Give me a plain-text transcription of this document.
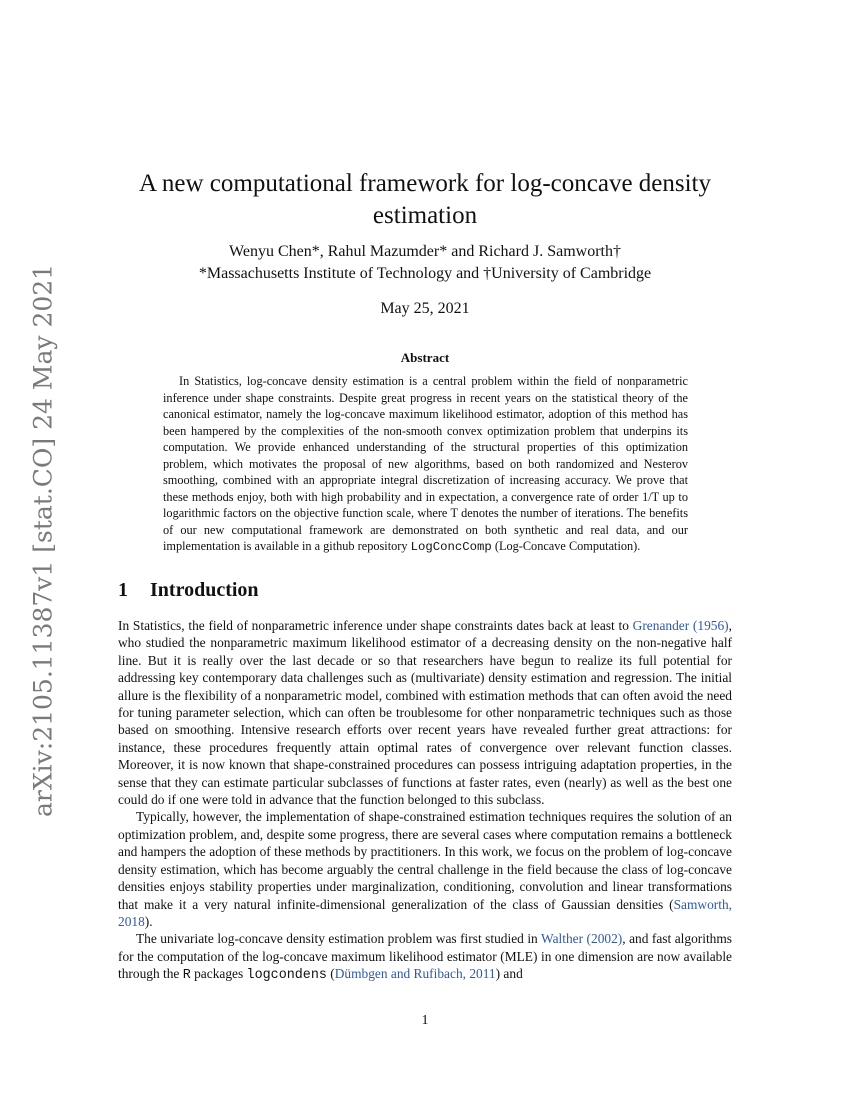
arXiv:2105.11387v1 [stat.CO] 24 May 2021
A new computational framework for log-concave density estimation
Wenyu Chen*, Rahul Mazumder* and Richard J. Samworth†
*Massachusetts Institute of Technology and †University of Cambridge
May 25, 2021
Abstract

In Statistics, log-concave density estimation is a central problem within the field of nonparametric inference under shape constraints. Despite great progress in recent years on the statistical theory of the canonical estimator, namely the log-concave maximum likelihood estimator, adoption of this method has been hampered by the complexities of the non-smooth convex optimization problem that underpins its computation. We provide enhanced understanding of the structural properties of this optimization problem, which motivates the proposal of new algorithms, based on both randomized and Nesterov smoothing, combined with an appropriate integral discretization of increasing accuracy. We prove that these methods enjoy, both with high probability and in expectation, a convergence rate of order 1/T up to logarithmic factors on the objective function scale, where T denotes the number of iterations. The benefits of our new computational framework are demonstrated on both synthetic and real data, and our implementation is available in a github repository LogConcComp (Log-Concave Computation).

1 Introduction

In Statistics, the field of nonparametric inference under shape constraints dates back at least to Grenander (1956), who studied the nonparametric maximum likelihood estimator of a decreasing density on the non-negative half line. But it is really over the last decade or so that researchers have begun to realize its full potential for addressing key contemporary data challenges such as (multivariate) density estimation and regression. The initial allure is the flexibility of a nonparametric model, combined with estimation methods that can often avoid the need for tuning parameter selection, which can often be troublesome for other nonparametric techniques such as those based on smoothing. Intensive research efforts over recent years have revealed further great attractions: for instance, these procedures frequently attain optimal rates of convergence over relevant function classes. Moreover, it is now known that shape-constrained procedures can possess intriguing adaptation properties, in the sense that they can estimate particular subclasses of functions at faster rates, even (nearly) as well as the best one could do if one were told in advance that the function belonged to this subclass.

Typically, however, the implementation of shape-constrained estimation techniques requires the solution of an optimization problem, and, despite some progress, there are several cases where computation remains a bottleneck and hampers the adoption of these methods by practitioners. In this work, we focus on the problem of log-concave density estimation, which has become arguably the central challenge in the field because the class of log-concave densities enjoys stability properties under marginalization, conditioning, convolution and linear transformations that make it a very natural infinite-dimensional generalization of the class of Gaussian densities (Samworth, 2018).

The univariate log-concave density estimation problem was first studied in Walther (2002), and fast algorithms for the computation of the log-concave maximum likelihood estimator (MLE) in one dimension are now available through the R packages logcondens (Dümbgen and Rufibach, 2011) and

1
